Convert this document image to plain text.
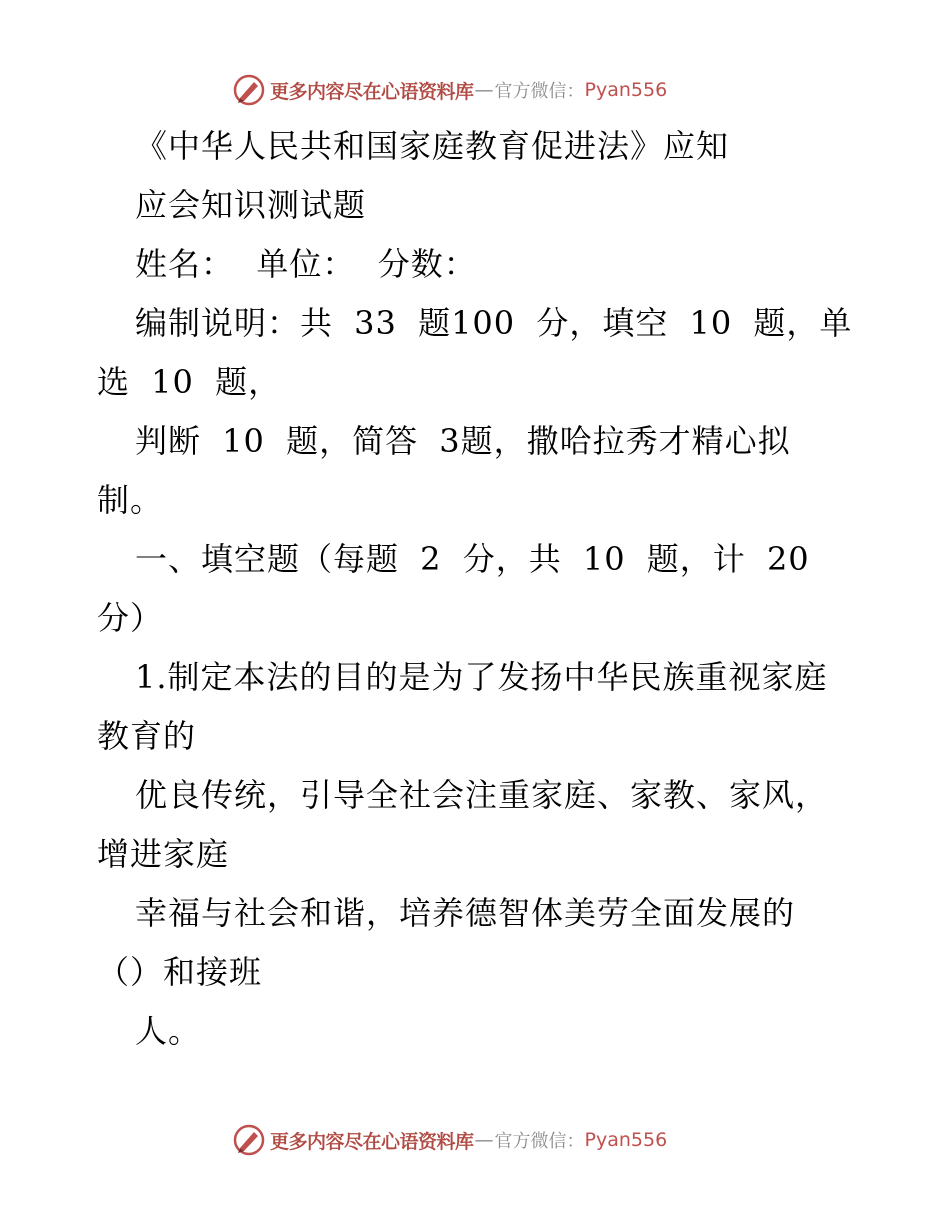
更多内容尽在心语资料库 — 官方微信： Pyan556
《中华人民共和国家庭教育促进法》应知
应会知识测试题
姓名：  单位：  分数：
编制说明：共 33 题100 分，填空 10 题，单
选 10 题，
判断 10 题，简答 3题，撒哈拉秀才精心拟
制。
一、填空题（每题 2 分，共 10 题，计 20
分）
1.制定本法的目的是为了发扬中华民族重视家庭
教育的
优良传统，引导全社会注重家庭、家教、家风，
增进家庭
幸福与社会和谐，培养德智体美劳全面发展的
（）和接班
人。
更多内容尽在心语资料库 — 官方微信： Pyan556
